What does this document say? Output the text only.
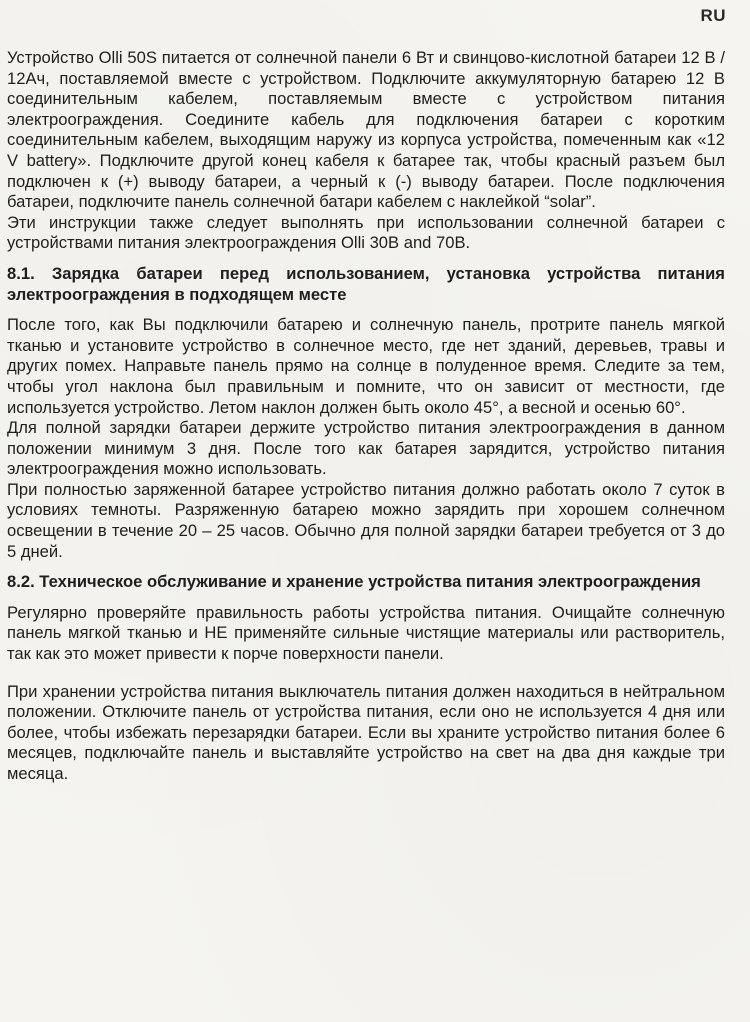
RU

Устройство Olli 50S питается от солнечной панели 6 Вт и свинцово-кислотной батареи 12 В / 12Ач, поставляемой вместе с устройством. Подключите аккумуляторную батарею 12 В соединительным кабелем, поставляемым вместе с устройством питания электроограждения. Соедините кабель для подключения батареи с коротким соединительным кабелем, выходящим наружу из корпуса устройства, помеченным как «12 V battery». Подключите другой конец кабеля к батарее так, чтобы красный разъем был подключен к (+) выводу батареи, а черный к (-) выводу батареи. После подключения батареи, подключите панель солнечной батари кабелем с наклейкой “solar”.

Эти инструкции также следует выполнять при использовании солнечной батареи с устройствами питания электроограждения Olli 30B and 70B.

8.1. Зарядка батареи перед использованием, установка устройства питания электроограждения в подходящем месте

После того, как Вы подключили батарею и солнечную панель, протрите панель мягкой тканью и установите устройство в солнечное место, где нет зданий, деревьев, травы и других помех. Направьте панель прямо на солнце в полуденное время. Следите за тем, чтобы угол наклона был правильным и помните, что он зависит от местности, где используется устройство. Летом наклон должен быть около 45°, а весной и осенью 60°.

Для полной зарядки батареи держите устройство питания электроограждения в данном положении минимум 3 дня. После того как батарея зарядится, устройство питания электроограждения можно использовать.

При полностью заряженной батарее устройство питания должно работать около 7 суток в условиях темноты. Разряженную батарею можно зарядить при хорошем солнечном освещении в течение 20 – 25 часов. Обычно для полной зарядки батареи требуется от 3 до 5 дней.

8.2. Техническое обслуживание и хранение устройства питания электроограждения

Регулярно проверяйте правильность работы устройства питания. Очищайте солнечную панель мягкой тканью и НЕ применяйте сильные чистящие материалы или растворитель, так как это может привести к порче поверхности панели.

При хранении устройства питания выключатель питания должен находиться в нейтральном положении. Отключите панель от устройства питания, если оно не используется 4 дня или более, чтобы избежать перезарядки батареи. Если вы храните устройство питания более 6 месяцев, подключайте панель и выставляйте устройство на свет на два дня каждые три месяца.
